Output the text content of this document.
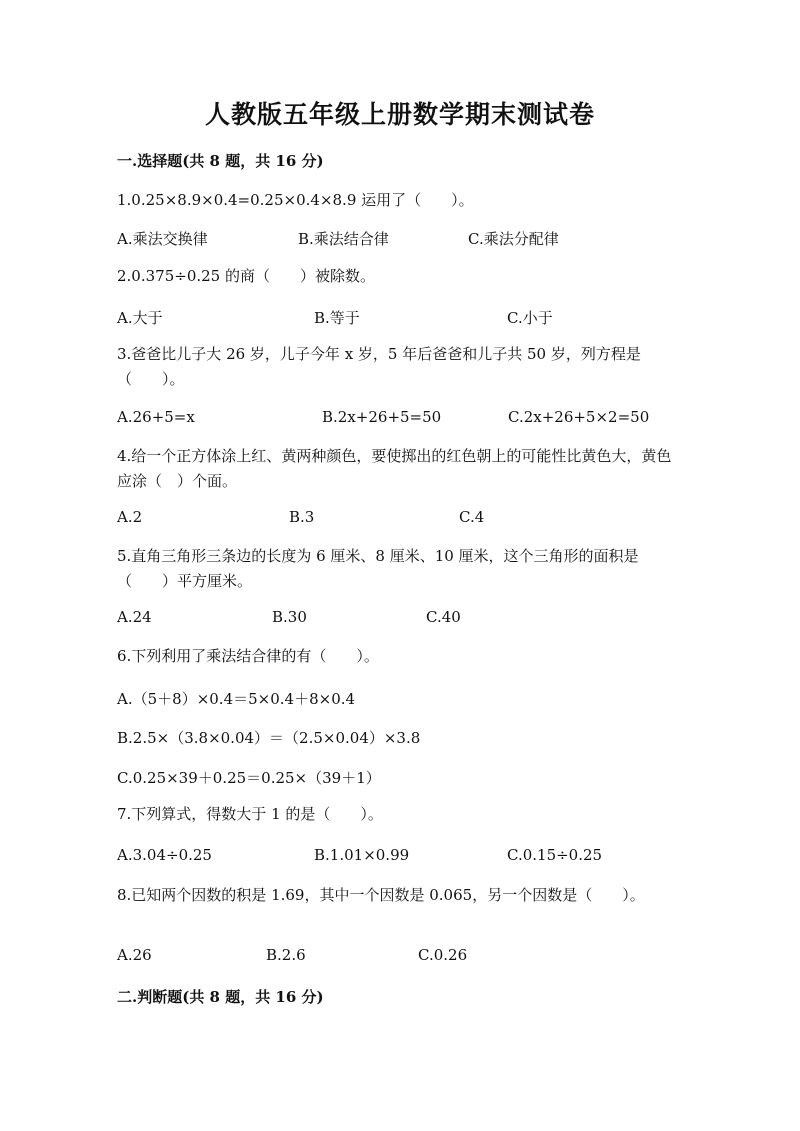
人教版五年级上册数学期末测试卷
一.选择题(共 8 题，共 16 分)
1.0.25×8.9×0.4=0.25×0.4×8.9 运用了（　　）。
A.乘法交换律	B.乘法结合律	C.乘法分配律
2.0.375÷0.25 的商（　　）被除数。
A.大于	B.等于	C.小于
3.爸爸比儿子大 26 岁，儿子今年 x 岁，5 年后爸爸和儿子共 50 岁，列方程是（　　）。
A.26+5=x	B.2x+26+5=50	C.2x+26+5×2=50
4.给一个正方体涂上红、黄两种颜色，要使掷出的红色朝上的可能性比黄色大，黄色应涂（　）个面。
A.2	B.3	C.4
5.直角三角形三条边的长度为 6 厘米、8 厘米、10 厘米，这个三角形的面积是（　　）平方厘米。
A.24	B.30	C.40
6.下列利用了乘法结合律的有（　　）。
A.（5＋8）×0.4＝5×0.4＋8×0.4
B.2.5×（3.8×0.04）＝（2.5×0.04）×3.8
C.0.25×39＋0.25＝0.25×（39＋1）
7.下列算式，得数大于 1 的是（　　）。
A.3.04÷0.25	B.1.01×0.99	C.0.15÷0.25
8.已知两个因数的积是 1.69，其中一个因数是 0.065，另一个因数是（　　）。
A.26	B.2.6	C.0.26
二.判断题(共 8 题，共 16 分)
